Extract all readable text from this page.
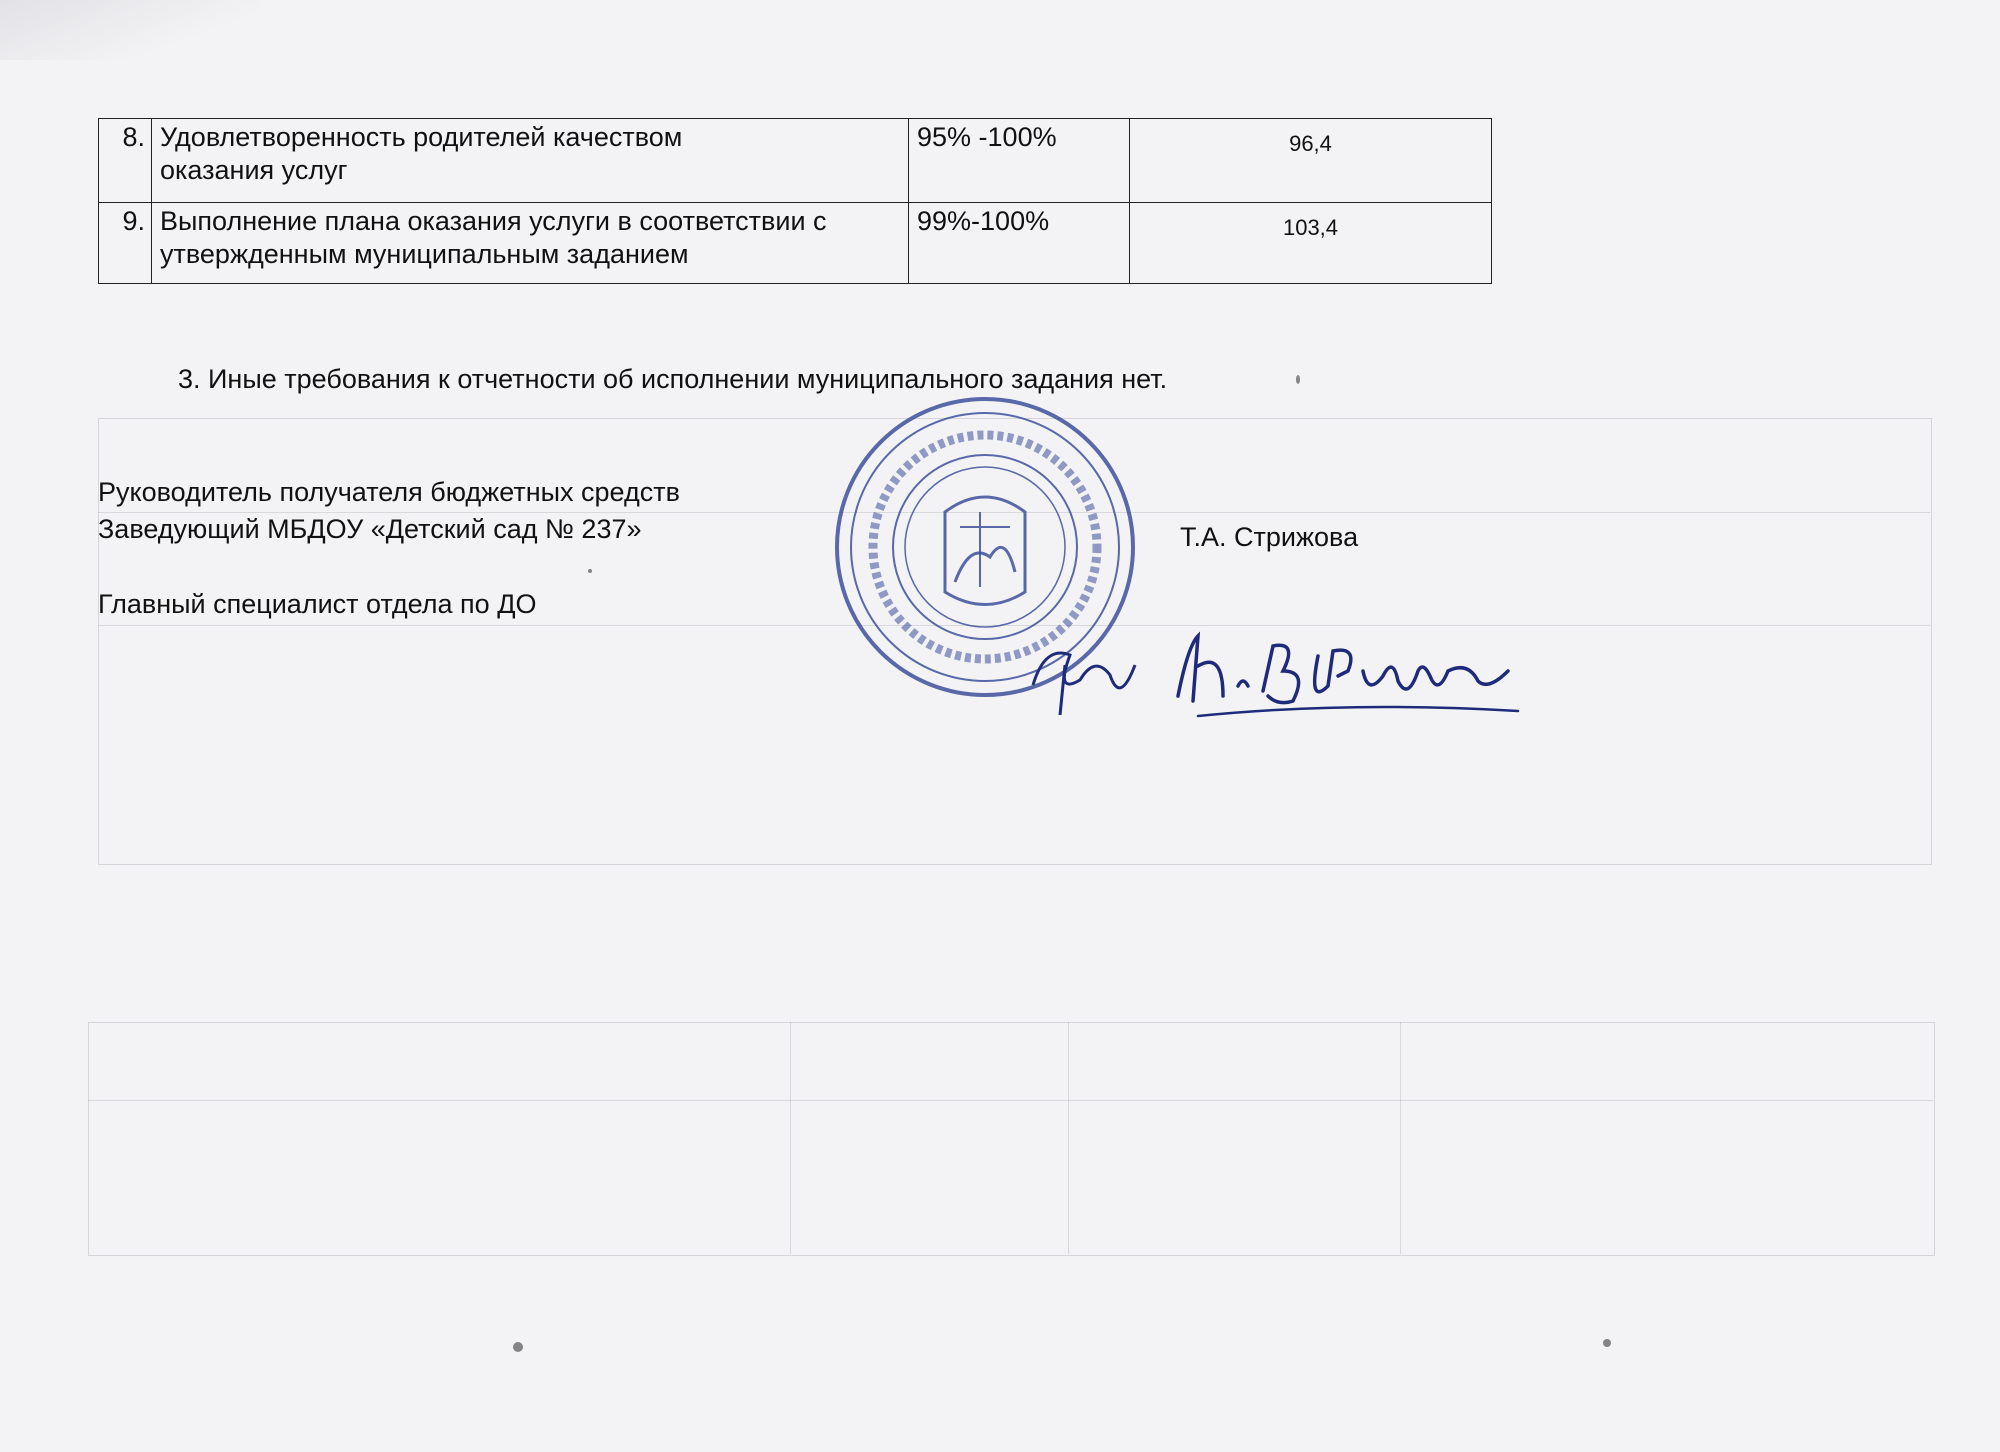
8.	Удовлетворенность родителей качеством
оказания услуг	95% -100%	96,4
9.	Выполнение плана оказания услуги в соответствии с
утвержденным муниципальным заданием	99%-100%	103,4
3. Иные требования к отчетности об исполнении муниципального задания нет.
Руководитель получателя бюджетных средств
Заведующий МБДОУ «Детский сад № 237»	Т.А. Стрижова
Главный специалист отдела по ДО
